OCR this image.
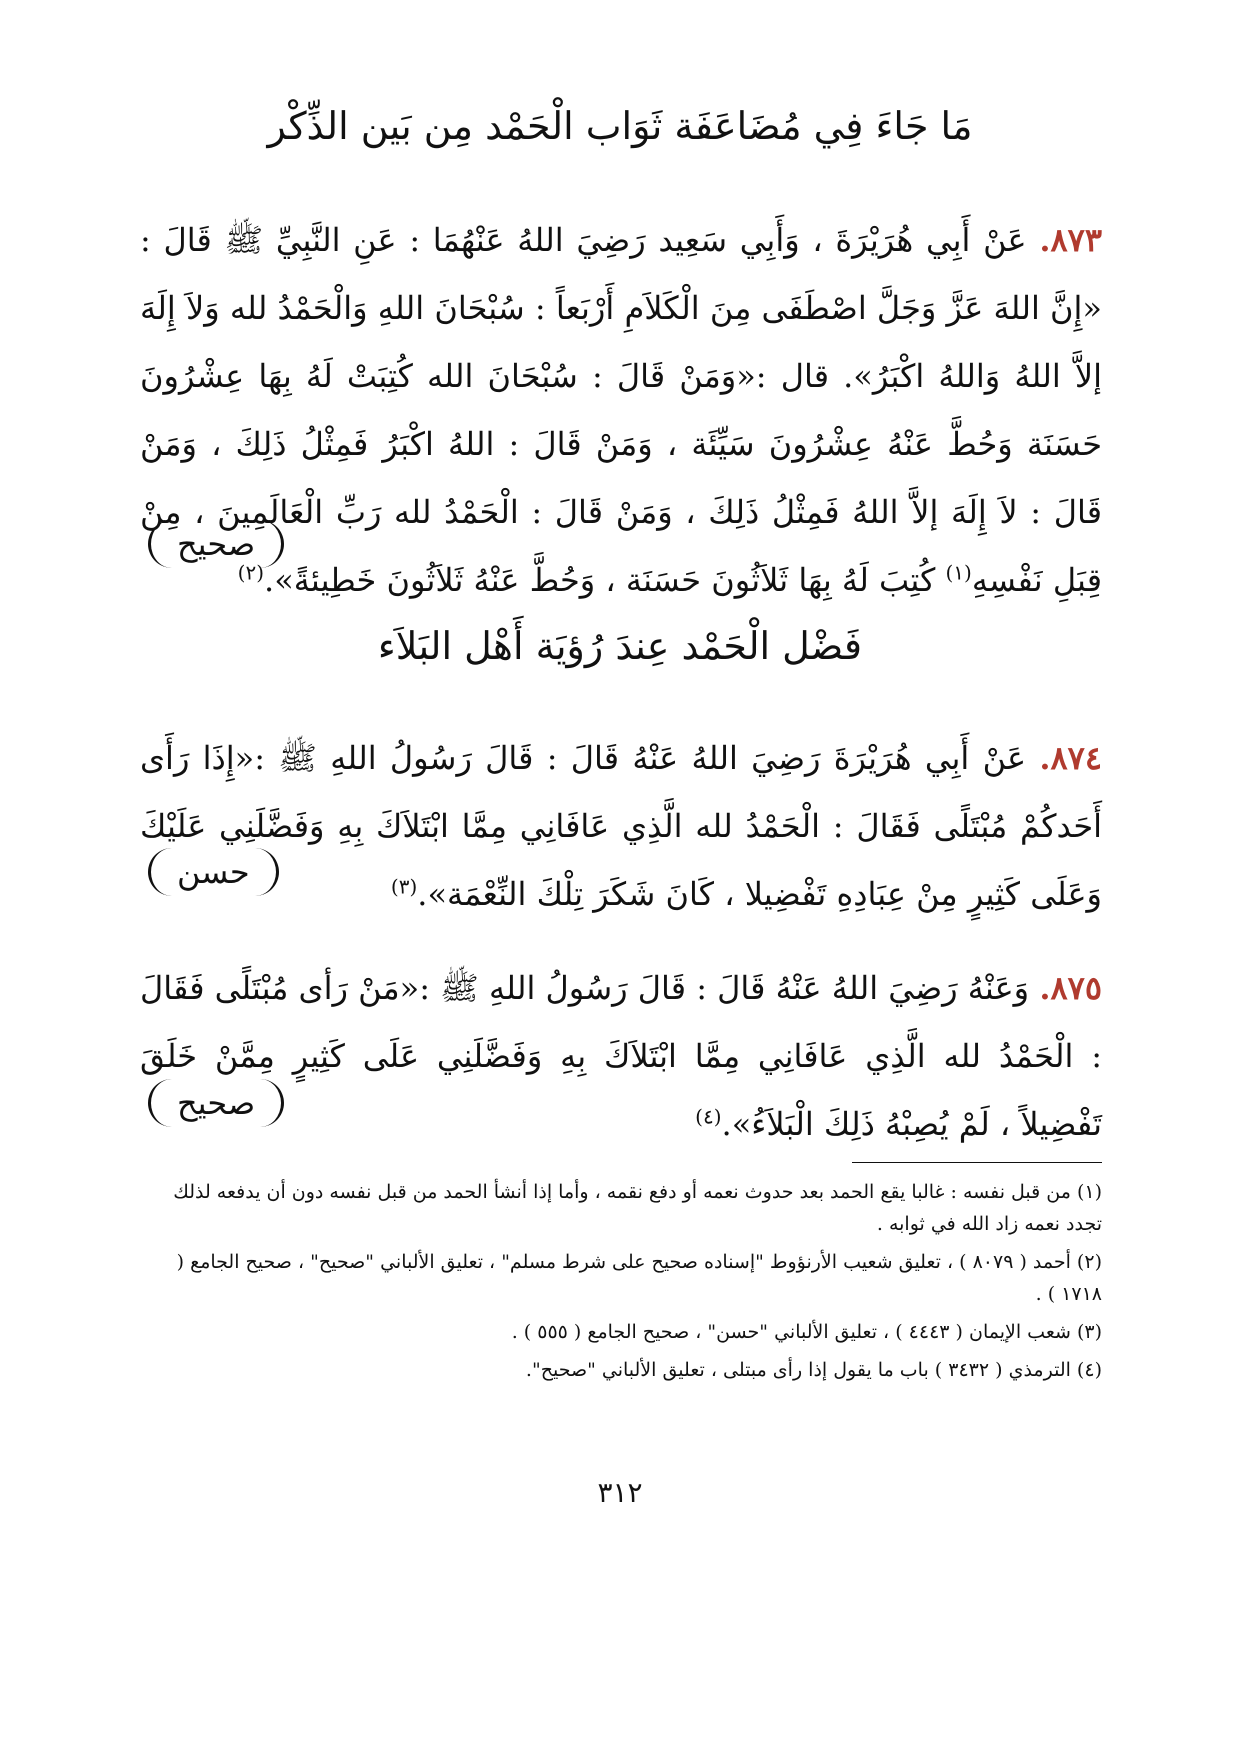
مَا جَاءَ فِي مُضَاعَفَة ثَوَاب الْحَمْد مِن بَين الذِّكْر

٨٧٣. عَنْ أَبِي هُرَيْرَةَ ، وَأَبِي سَعِيد رَضِيَ اللهُ عَنْهُمَا : عَنِ النَّبِيِّ ﷺ قَالَ : «إِنَّ اللهَ عَزَّ وَجَلَّ اصْطَفَى مِنَ الْكَلاَمِ أَرْبَعاً : سُبْحَانَ اللهِ وَالْحَمْدُ لله وَلاَ إِلَهَ إلاَّ اللهُ وَاللهُ اكْبَرُ». قال :«وَمَنْ قَالَ : سُبْحَانَ الله كُتِبَتْ لَهُ بِهَا عِشْرُونَ حَسَنَة وَحُطَّ عَنْهُ عِشْرُونَ سَيِّئَة ، وَمَنْ قَالَ : اللهُ اكْبَرُ فَمِثْلُ ذَلِكَ ، وَمَنْ قَالَ : لاَ إِلَهَ إلاَّ اللهُ فَمِثْلُ ذَلِكَ ، وَمَنْ قَالَ : الْحَمْدُ لله رَبِّ الْعَالَمِينَ ، مِنْ قِبَلِ نَفْسِهِ$^{(١)}$ كُتِبَ لَهُ بِهَا ثَلاَثُونَ حَسَنَة ، وَحُطَّ عَنْهُ ثَلاَثُونَ خَطِيئةً».$^{(٢)}$

صحيح
فَضْل الْحَمْد عِندَ رُؤيَة أَهْل البَلاَء

٨٧٤. عَنْ أَبِي هُرَيْرَةَ رَضِيَ اللهُ عَنْهُ قَالَ : قَالَ رَسُولُ اللهِ ﷺ :«إِذَا رَأَى أَحَدكُمْ مُبْتَلًى فَقَالَ : الْحَمْدُ لله الَّذِي عَافَانِي مِمَّا ابْتَلاَكَ بِهِ وَفَضَّلَنِي عَلَيْكَ وَعَلَى كَثِيرٍ مِنْ عِبَادِهِ تَفْضِيلا ، كَانَ شَكَرَ تِلْكَ النِّعْمَة».$^{(٣)}$

حسن

٨٧٥. وَعَنْهُ رَضِيَ اللهُ عَنْهُ قَالَ : قَالَ رَسُولُ اللهِ ﷺ :«مَنْ رَأى مُبْتَلًى فَقَالَ : الْحَمْدُ لله الَّذِي عَافَانِي مِمَّا ابْتَلاَكَ بِهِ وَفَضَّلَنِي عَلَى كَثِيرٍ مِمَّنْ خَلَقَ تَفْضِيلاً ، لَمْ يُصِبْهُ ذَلِكَ الْبَلاَءُ».$^{(٤)}$

صحيح

(١) من قبل نفسه : غالبا يقع الحمد بعد حدوث نعمه أو دفع نقمه ، وأما إذا أنشأ الحمد من قبل نفسه دون أن يدفعه لذلك تجدد نعمه زاد الله في ثوابه .

(٢) أحمد ( ٨٠٧٩ ) ، تعليق شعيب الأرنؤوط "إسناده صحيح على شرط مسلم" ، تعليق الألباني "صحيح" ، صحيح الجامع ( ١٧١٨ ) .

(٣) شعب الإيمان ( ٤٤٤٣ ) ، تعليق الألباني "حسن" ، صحيح الجامع ( ٥٥٥ ) .

(٤) الترمذي ( ٣٤٣٢ ) باب ما يقول إذا رأى مبتلى ، تعليق الألباني "صحيح".

٣١٢
